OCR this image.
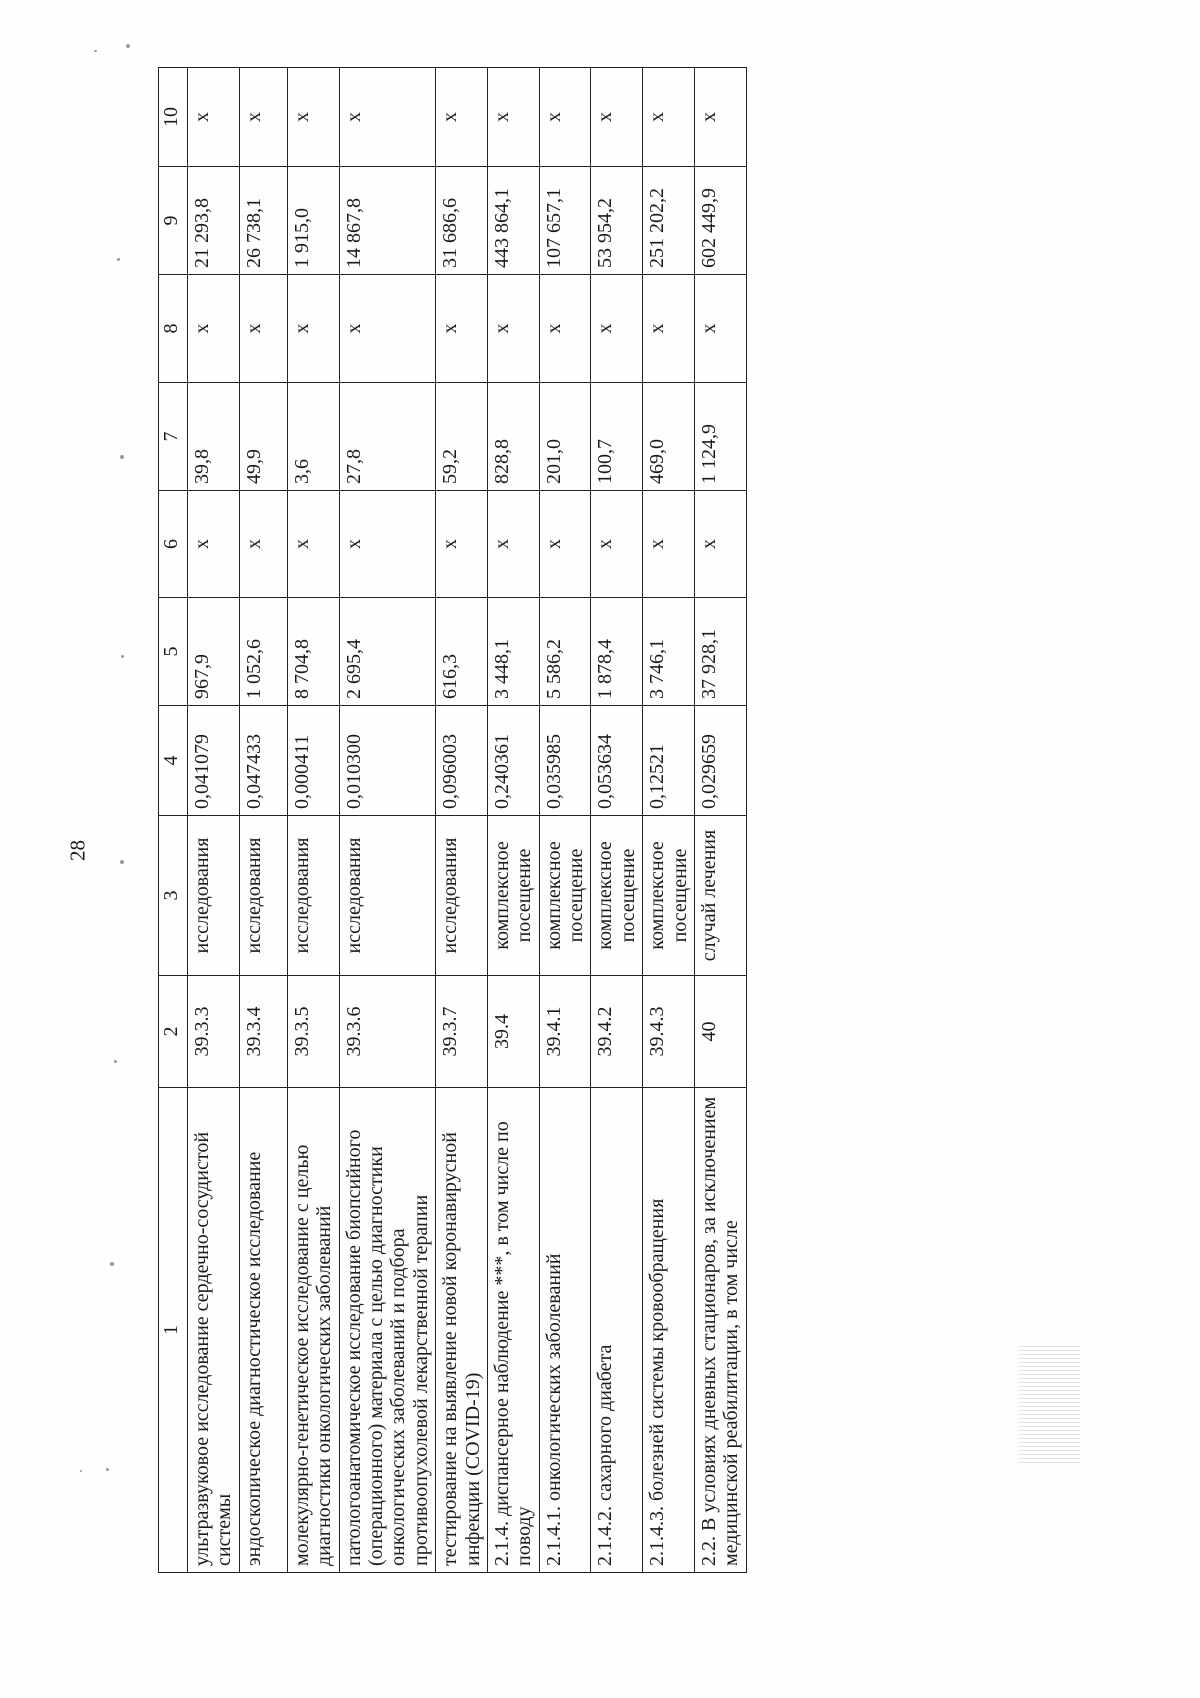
28
1	2	3	4	5	6	7	8	9	10
ультразвуковое исследование сердечно-сосудистой системы	39.3.3	исследования	0,041079	967,9	х	39,8	х	21 293,8	х
эндоскопическое диагностическое исследование	39.3.4	исследования	0,047433	1 052,6	х	49,9	х	26 738,1	х
молекулярно-генетическое исследование с целью диагностики онкологических заболеваний	39.3.5	исследования	0,000411	8 704,8	х	3,6	х	1 915,0	х
патологоанатомическое исследование биопсийного (операционного) материала с целью диагностики онкологических заболеваний и подбора противоопухолевой лекарственной терапии	39.3.6	исследования	0,010300	2 695,4	х	27,8	х	14 867,8	х
тестирование на выявление новой коронавирусной инфекции (COVID-19)	39.3.7	исследования	0,096003	616,3	х	59,2	х	31 686,6	х
2.1.4. диспансерное наблюдение ***, в том числе по поводу	39.4	комплексное посещение	0,240361	3 448,1	х	828,8	х	443 864,1	х
2.1.4.1. онкологических заболеваний	39.4.1	комплексное посещение	0,035985	5 586,2	х	201,0	х	107 657,1	х
2.1.4.2. сахарного диабета	39.4.2	комплексное посещение	0,053634	1 878,4	х	100,7	х	53 954,2	х
2.1.4.3. болезней системы кровообращения	39.4.3	комплексное посещение	0,12521	3 746,1	х	469,0	х	251 202,2	х
2.2. В условиях дневных стационаров, за исключением медицинской реабилитации, в том числе	40	случай лечения	0,029659	37 928,1	х	1 124,9	х	602 449,9	х
